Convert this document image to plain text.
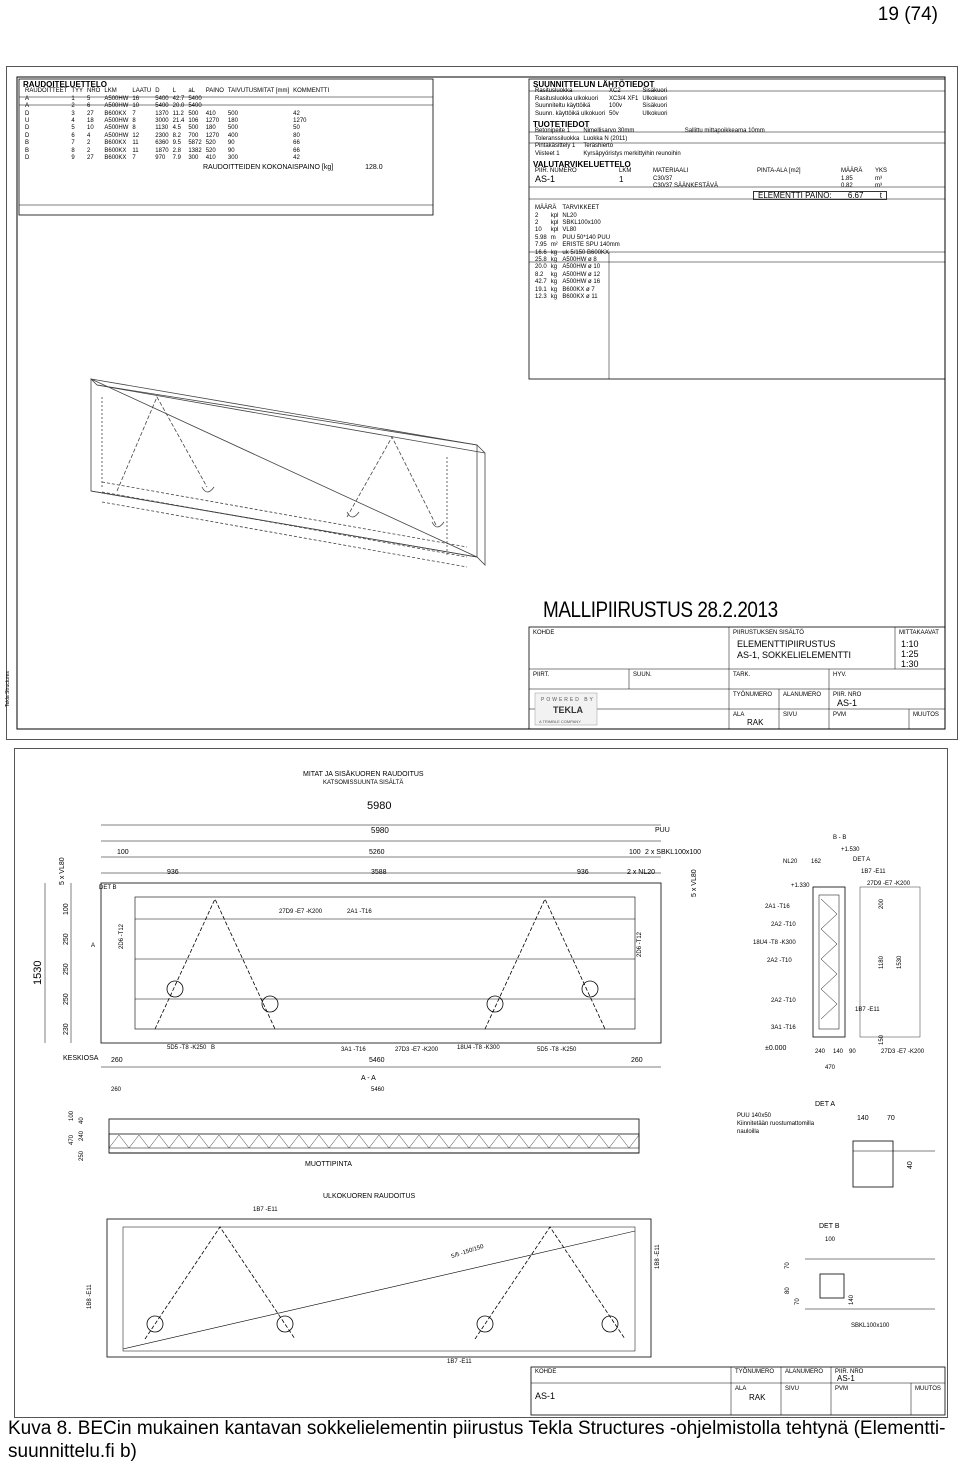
19 (74)
RAUDOITELUETTELO
RAUDOITTEET	TYY	NRO	LKM	LAATU	D	L	aL	PAINO	TAIVUTUSMITAT [mm]	KOMMENTTI
A	1	5	A500HW	16	5400	42.7	5400			
A	2	6	A500HW	10	5400	20.0	5400			
D	3	27	B600KX	7	1370	11.2	500	410	500	42
U	4	18	A500HW	8	3000	21.4	106	1270	180	1270
D	5	10	A500HW	8	1130	4.5	500	180	500	50
D	6	4	A500HW	12	2300	8.2	700	1270	400	80
B	7	2	B600KX	11	6360	9.5	5872	520	90	66
B	8	2	B600KX	11	1870	2.8	1382	520	90	66
D	9	27	B600KX	7	970	7.9	300	410	300	42
RAUDOITTEIDEN KOKONAISPAINO [kg]	128.0
SUUNNITTELUN LÄHTÖTIEDOT
Rasitusluokka	XC2	Sisäkuori
Rasitusluokka ulkokuori	XC3/4 XF1	Ulkokuori
Suunniteltu käyttöikä	100v	Sisäkuori
Suunn. käyttöikä ulkokuori	50v	Ulkokuori
TUOTETIEDOT
Betonipeite 1	Nimellisarvo 30mm	Sallittu mittapoikkeama 10mm
Toleranssiluokka	Luokka N (2011)	
Pintakäsittely 1	Teräshierto	
Viisteet 1	Kyrsäpyöristys merkittyihin reunoihin	
VALUTARVIKELUETTELO
PIIR. NUMERO	LKM	MATERIAALI	PINTA-ALA [m2]	MÄÄRÄ	YKS
AS-1	1	C30/37		1.85	m³
		C30/37 SÄÄNKESTÄVÄ		0.82	m³
ELEMENTTI PAINO: 6.67 t
MÄÄRÄ		TARVIKKEET
2	kpl	NL20
2	kpl	SBKL100x100
10	kpl	VL80
5.98	m	PUU 50*140 PUU
7.95	m²	ERISTE SPU 140mm
16.6	kg	uk 5/150 B600KX
25.8	kg	A500HW ø 8
20.0	kg	A500HW ø 10
8.2	kg	A500HW ø 12
42.7	kg	A500HW ø 16
19.1	kg	B600KX ø 7
12.3	kg	B600KX ø 11
MALLIPIIRUSTUS 28.2.2013
KOHDE	PIIRUSTUKSEN SISÄLTÖ
ELEMENTTIPIIRUSTUS
AS-1, SOKKELIELEMENTTI
MITTAKAAVAT
1:10
1:25
1:30
PIIRT.	SUUN.	TARK.	HYV.
TYÖNUMERO ALANUMERO PIIR. NRO
AS-1
ALA	SIVU	PVM	MUUTOS
RAK
POWERED BY
TEKLA
A TRIMBLE COMPANY
Tekla Structures
MITAT JA SISÄKUOREN RAUDOITUS
KATSOMISSUUNTA SISÄLTÄ
5980
5980	PUU
100	5260	100 2 x SBKL100x100
936	3588	936	2 x NL20
5 x VL80	5 x VL80
1530
100
250
250
250
230
260	5460	260
KESKIOSA
DET B
27D9 -E7 -K200	2A1 -T16
2D6 -T12	2D6 -T12
A
B
5D5 -T8 -K250	3A1 -T16	27D3 -E7 -K200	18U4 -T8 -K300	5D5 -T8 -K250
B - B
+1.530
NL20 162	DET A
+1.330
1B7 -E11
27D9 -E7 -K200
2A1 -T16
2A2 -T10
18U4 -T8 -K300
2A2 -T10
2A2 -T10
3A1 -T16
1B7 -E11
27D3 -E7 -K200
±0.000	240 140 90
470
200
1180 1530
150
A - A
260	5460
MUOTTIPINTA
40
240
250
100
470
DET A
PUU 140x50
Kiinnitetään ruostumattomilla
nauloilla
140	70
40
ULKOKUOREN RAUDOITUS
1B7 -E11
5/5 -150/150
1B8 -E11
1B8 -E11
1B7 -E11
DET B
100
70
80
70	140
SBKL100x100
KOHDE	TYÖNUMERO ALANUMERO PIIR. NRO
AS-1
ALA
RAK
SIVU	PVM	MUUTOS
AS-1
Kuva 8. BECin mukainen kantavan sokkelielementin piirustus Tekla Structures -ohjelmistolla tehtynä (Elementti-suunnittelu.fi b)
